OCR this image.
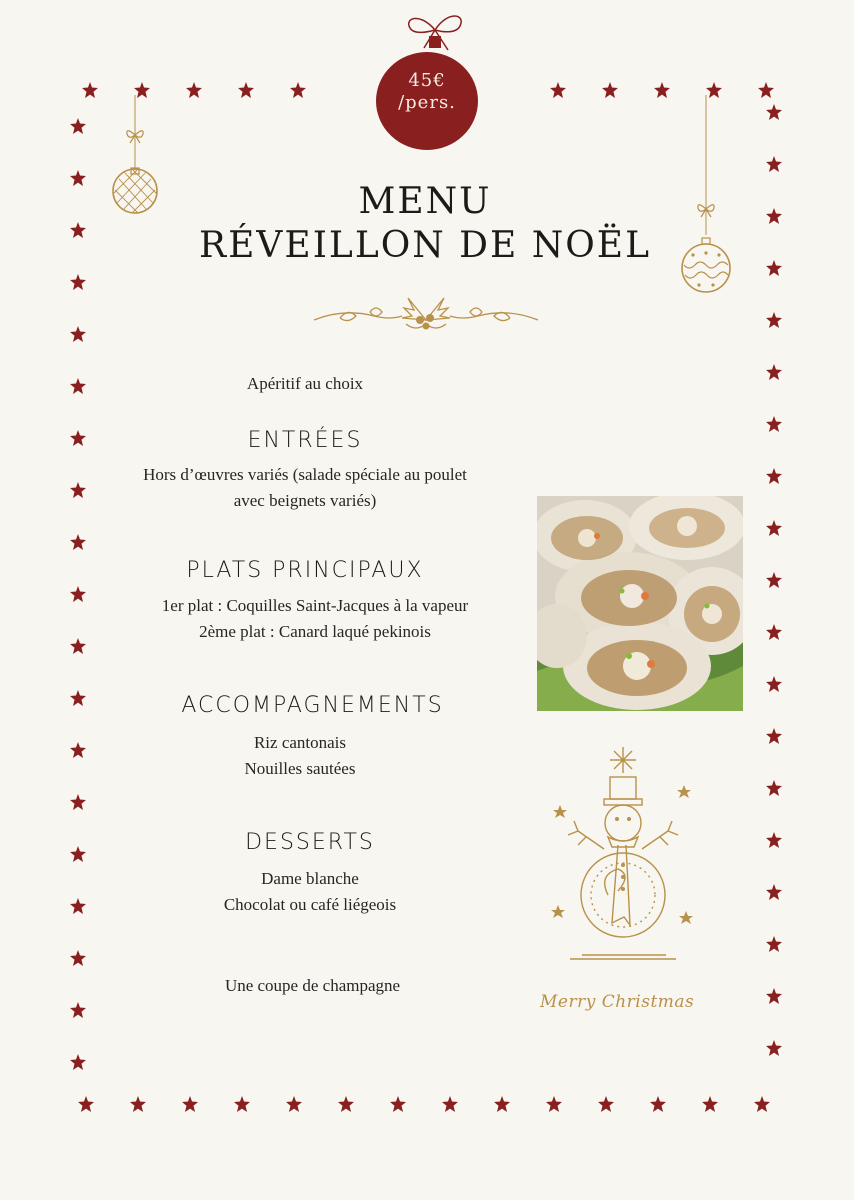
45€
/pers.
MENU
RÉVEILLON DE NOËL
Apéritif au choix
ENTRÉES
Hors d’œuvres variés (salade spéciale au poulet
avec beignets variés)
PLATS PRINCIPAUX
1er plat : Coquilles Saint-Jacques à la vapeur
2ème plat : Canard laqué pekinois
ACCOMPAGNEMENTS
Riz cantonais
Nouilles sautées
DESSERTS
Dame blanche
Chocolat ou café liégeois
Une coupe de champagne
Merry Christmas
